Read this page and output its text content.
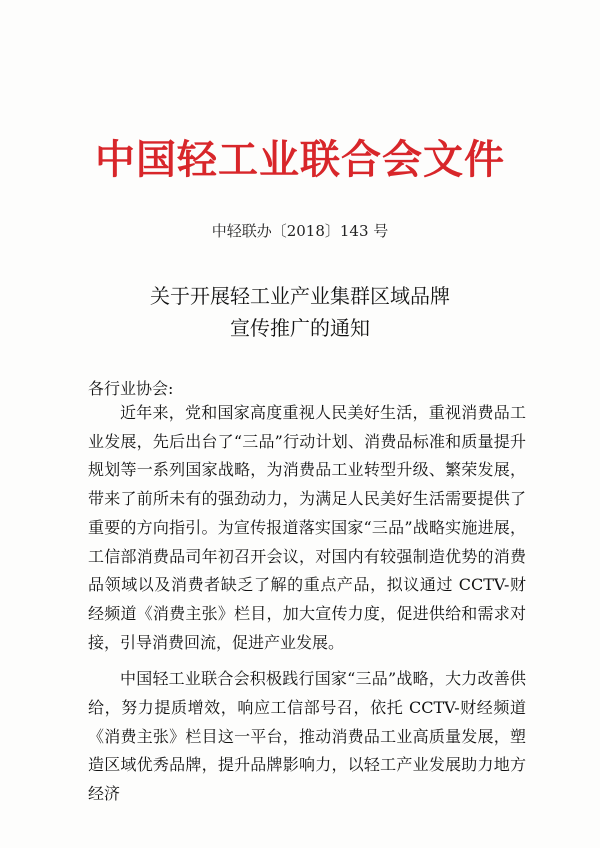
中国轻工业联合会文件
中轻联办〔2018〕143 号
关于开展轻工业产业集群区域品牌
宣传推广的通知
各行业协会:

近年来，党和国家高度重视人民美好生活，重视消费品工业发展，先后出台了“三品”行动计划、消费品标准和质量提升规划等一系列国家战略，为消费品工业转型升级、繁荣发展，带来了前所未有的强劲动力，为满足人民美好生活需要提供了重要的方向指引。为宣传报道落实国家“三品”战略实施进展，工信部消费品司年初召开会议，对国内有较强制造优势的消费品领域以及消费者缺乏了解的重点产品，拟议通过 CCTV-财经频道《消费主张》栏目，加大宣传力度，促进供给和需求对接，引导消费回流，促进产业发展。

中国轻工业联合会积极践行国家“三品”战略，大力改善供给，努力提质增效，响应工信部号召，依托 CCTV-财经频道《消费主张》栏目这一平台，推动消费品工业高质量发展，塑造区域优秀品牌，提升品牌影响力，以轻工产业发展助力地方经济
